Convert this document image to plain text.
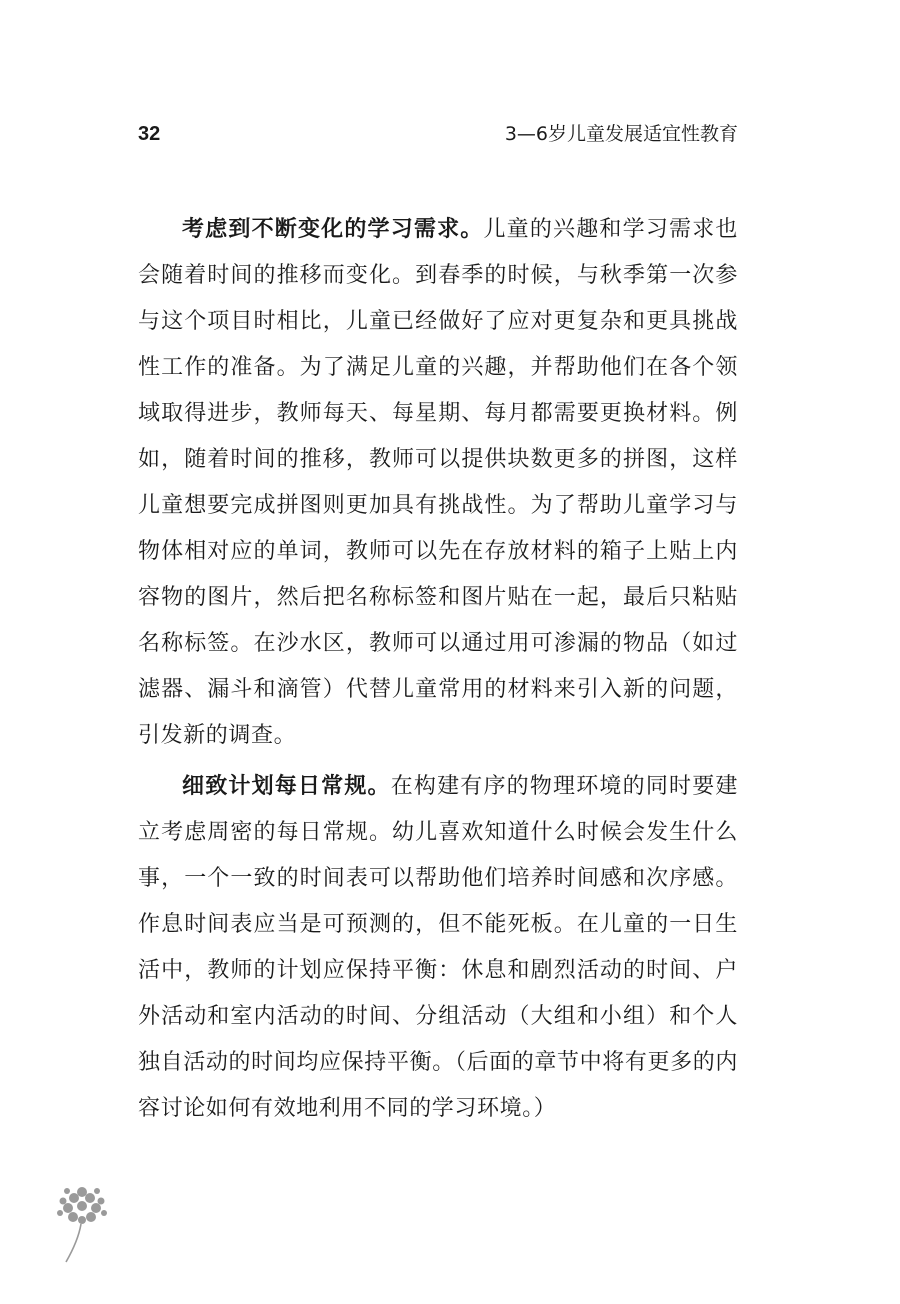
32	3—6岁儿童发展适宜性教育

考虑到不断变化的学习需求。儿童的兴趣和学习需求也会随着时间的推移而变化。到春季的时候，与秋季第一次参与这个项目时相比，儿童已经做好了应对更复杂和更具挑战性工作的准备。为了满足儿童的兴趣，并帮助他们在各个领域取得进步，教师每天、每星期、每月都需要更换材料。例如，随着时间的推移，教师可以提供块数更多的拼图，这样儿童想要完成拼图则更加具有挑战性。为了帮助儿童学习与物体相对应的单词，教师可以先在存放材料的箱子上贴上内容物的图片，然后把名称标签和图片贴在一起，最后只粘贴名称标签。在沙水区，教师可以通过用可渗漏的物品（如过滤器、漏斗和滴管）代替儿童常用的材料来引入新的问题，引发新的调查。

细致计划每日常规。在构建有序的物理环境的同时要建立考虑周密的每日常规。幼儿喜欢知道什么时候会发生什么事，一个一致的时间表可以帮助他们培养时间感和次序感。作息时间表应当是可预测的，但不能死板。在儿童的一日生活中，教师的计划应保持平衡：休息和剧烈活动的时间、户外活动和室内活动的时间、分组活动（大组和小组）和个人独自活动的时间均应保持平衡。（后面的章节中将有更多的内容讨论如何有效地利用不同的学习环境。）
